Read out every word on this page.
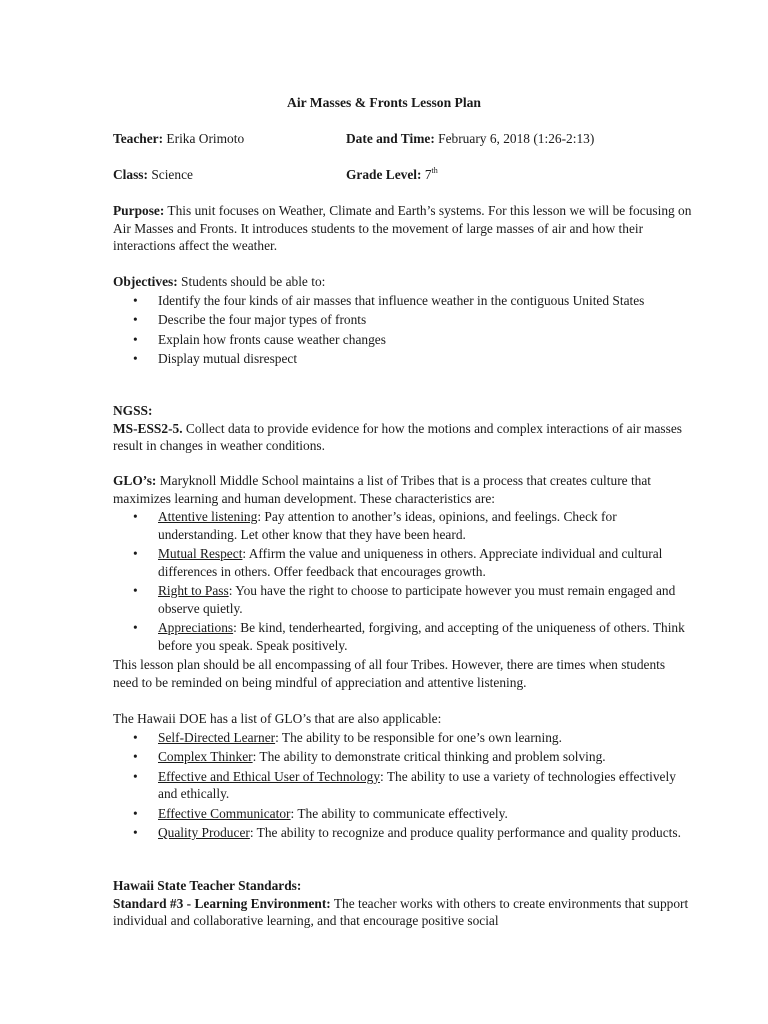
Air Masses & Fronts Lesson Plan
Teacher: Erika Orimoto	Date and Time: February 6, 2018 (1:26-2:13)
Class: Science	Grade Level: 7th

Purpose: This unit focuses on Weather, Climate and Earth’s systems. For this lesson we will be focusing on Air Masses and Fronts. It introduces students to the movement of large masses of air and how their interactions affect the weather.

Objectives: Students should be able to:

• Identify the four kinds of air masses that influence weather in the contiguous United States
• Describe the four major types of fronts
• Explain how fronts cause weather changes
• Display mutual disrespect

NGSS:

MS-ESS2-5. Collect data to provide evidence for how the motions and complex interactions of air masses result in changes in weather conditions.

GLO’s: Maryknoll Middle School maintains a list of Tribes that is a process that creates culture that maximizes learning and human development. These characteristics are:

• Attentive listening: Pay attention to another’s ideas, opinions, and feelings. Check for understanding. Let other know that they have been heard.
• Mutual Respect: Affirm the value and uniqueness in others. Appreciate individual and cultural differences in others. Offer feedback that encourages growth.
• Right to Pass: You have the right to choose to participate however you must remain engaged and observe quietly.
• Appreciations: Be kind, tenderhearted, forgiving, and accepting of the uniqueness of others. Think before you speak. Speak positively.

This lesson plan should be all encompassing of all four Tribes. However, there are times when students need to be reminded on being mindful of appreciation and attentive listening.

The Hawaii DOE has a list of GLO’s that are also applicable:

• Self-Directed Learner: The ability to be responsible for one’s own learning.
• Complex Thinker: The ability to demonstrate critical thinking and problem solving.
• Effective and Ethical User of Technology: The ability to use a variety of technologies effectively and ethically.
• Effective Communicator: The ability to communicate effectively.
• Quality Producer: The ability to recognize and produce quality performance and quality products.

Hawaii State Teacher Standards:

Standard #3 - Learning Environment: The teacher works with others to create environments that support individual and collaborative learning, and that encourage positive social
